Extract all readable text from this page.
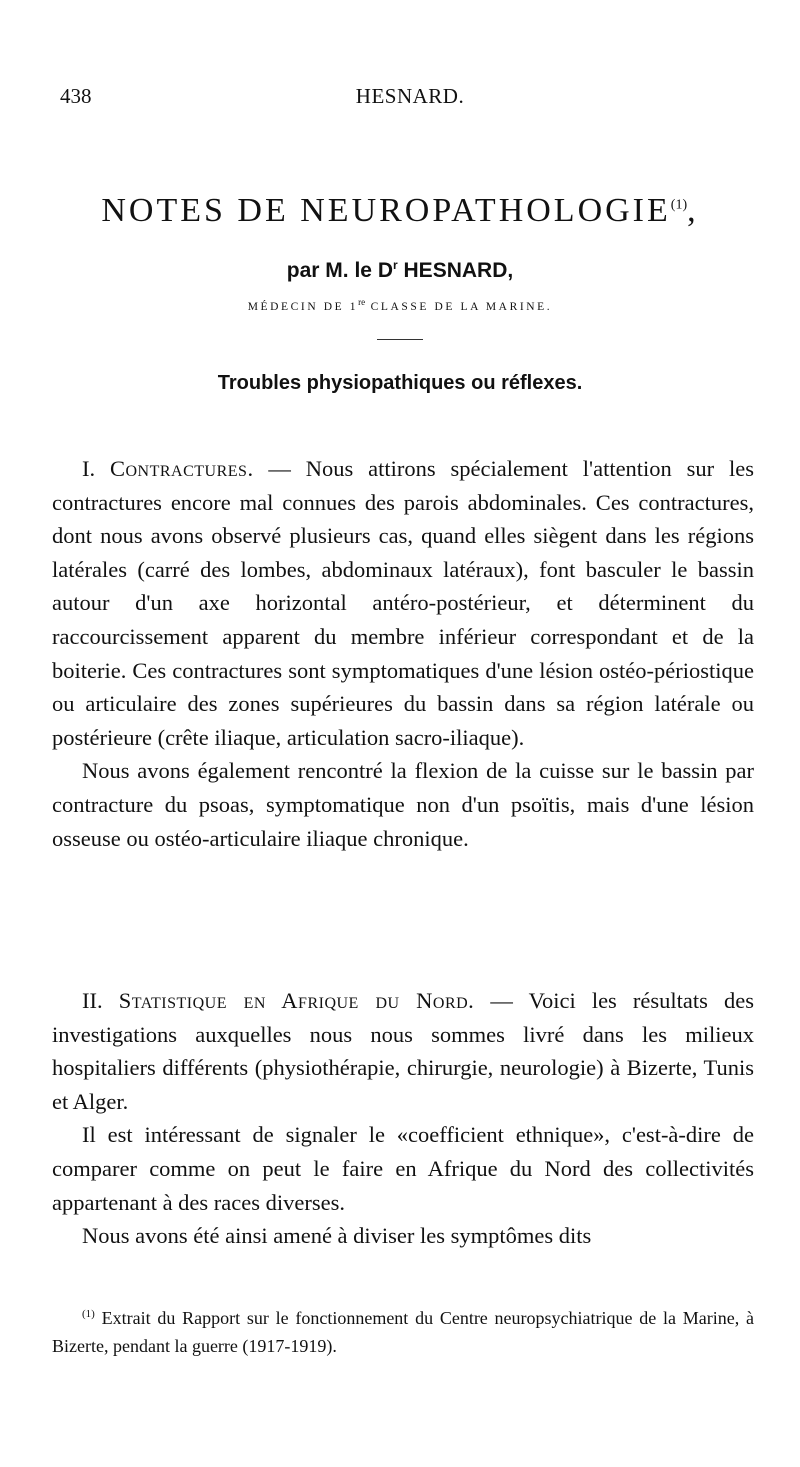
438	HESNARD.
NOTES DE NEUROPATHOLOGIE$^{(1)}$,
par M. le $D^r$ HESNARD,
MÉDECIN DE 1re CLASSE DE LA MARINE.
Troubles physiopathiques ou réflexes.

I. Contractures. — Nous attirons spécialement l'attention sur les contractures encore mal connues des parois abdominales. Ces contractures, dont nous avons observé plusieurs cas, quand elles siègent dans les régions latérales (carré des lombes, abdominaux latéraux), font basculer le bassin autour d'un axe horizontal antéro-postérieur, et déterminent du raccourcissement apparent du membre inférieur correspondant et de la boiterie. Ces contractures sont symptomatiques d'une lésion ostéo-périostique ou articulaire des zones supérieures du bassin dans sa région latérale ou postérieure (crête iliaque, articulation sacro-iliaque).

Nous avons également rencontré la flexion de la cuisse sur le bassin par contracture du psoas, symptomatique non d'un psoïtis, mais d'une lésion osseuse ou ostéo-articulaire iliaque chronique.

II. Statistique en Afrique du Nord. — Voici les résultats des investigations auxquelles nous nous sommes livré dans les milieux hospitaliers différents (physiothérapie, chirurgie, neurologie) à Bizerte, Tunis et Alger.

Il est intéressant de signaler le «coefficient ethnique», c'est-à-dire de comparer comme on peut le faire en Afrique du Nord des collectivités appartenant à des races diverses.

Nous avons été ainsi amené à diviser les symptômes dits

$^{(1)}$ Extrait du Rapport sur le fonctionnement du Centre neuropsychiatrique de la Marine, à Bizerte, pendant la guerre (1917-1919).
